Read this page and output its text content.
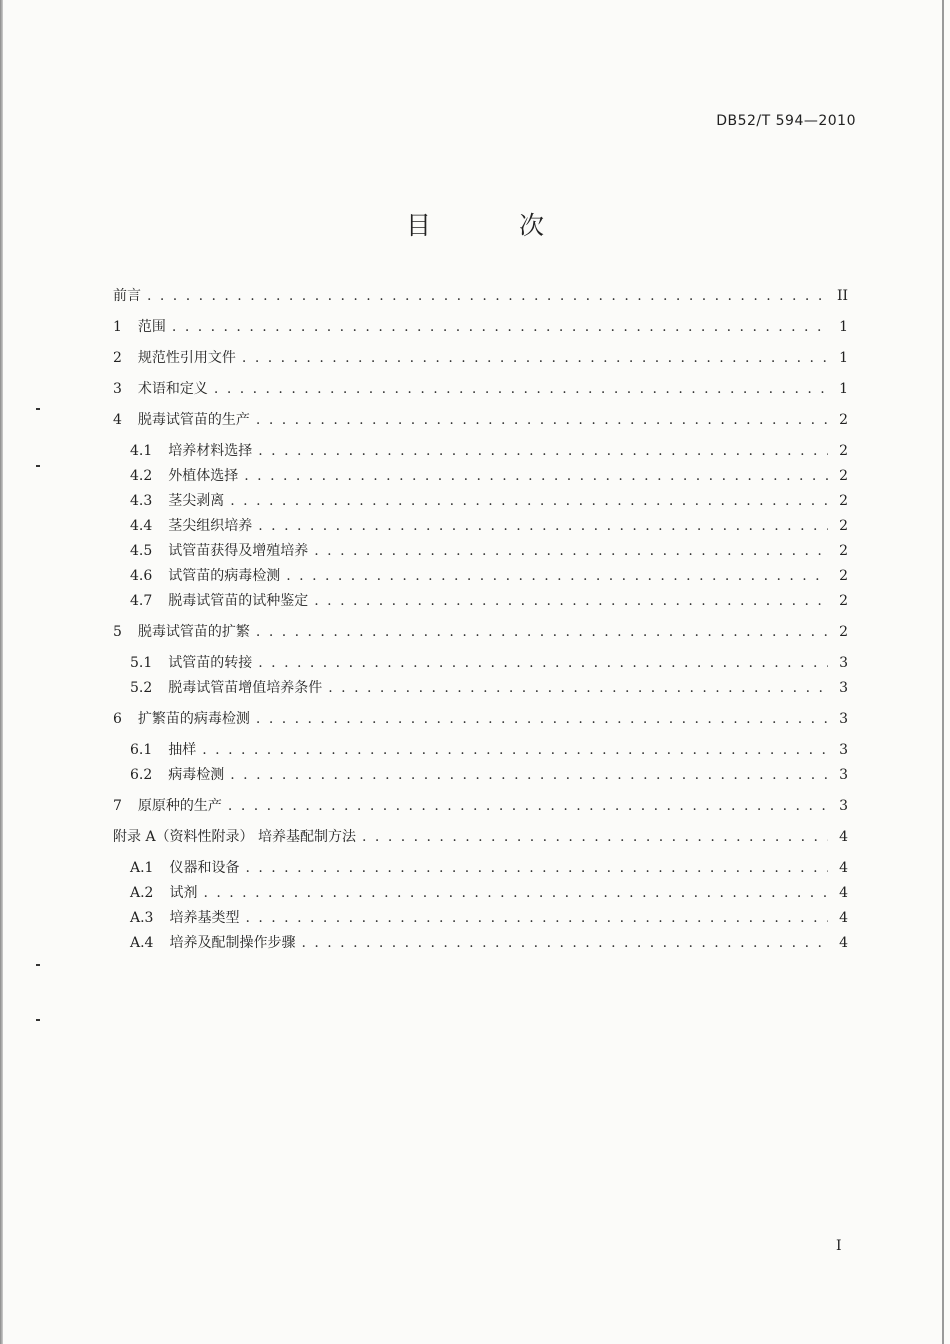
DB52/T 594—2010
目 次
前言 . . .	II
1 范围 . . .	1
2 规范性引用文件 . . .	1
3 术语和定义 . . .	1
4 脱毒试管苗的生产 . . .	2
4.1 培养材料选择 . . .	2
4.2 外植体选择 . . .	2
4.3 茎尖剥离 . . .	2
4.4 茎尖组织培养 . . .	2
4.5 试管苗获得及增殖培养 . . .	2
4.6 试管苗的病毒检测 . . .	2
4.7 脱毒试管苗的试种鉴定 . . .	2
5 脱毒试管苗的扩繁 . . .	2
5.1 试管苗的转接 . . .	3
5.2 脱毒试管苗增值培养条件 . . .	3
6 扩繁苗的病毒检测 . . .	3
6.1 抽样 . . .	3
6.2 病毒检测 . . .	3
7 原原种的生产 . . .	3
附录 A（资料性附录） 培养基配制方法 . . .	4
A.1 仪器和设备 . . .	4
A.2 试剂 . . .	4
A.3 培养基类型 . . .	4
A.4 培养及配制操作步骤 . . .	4
I
